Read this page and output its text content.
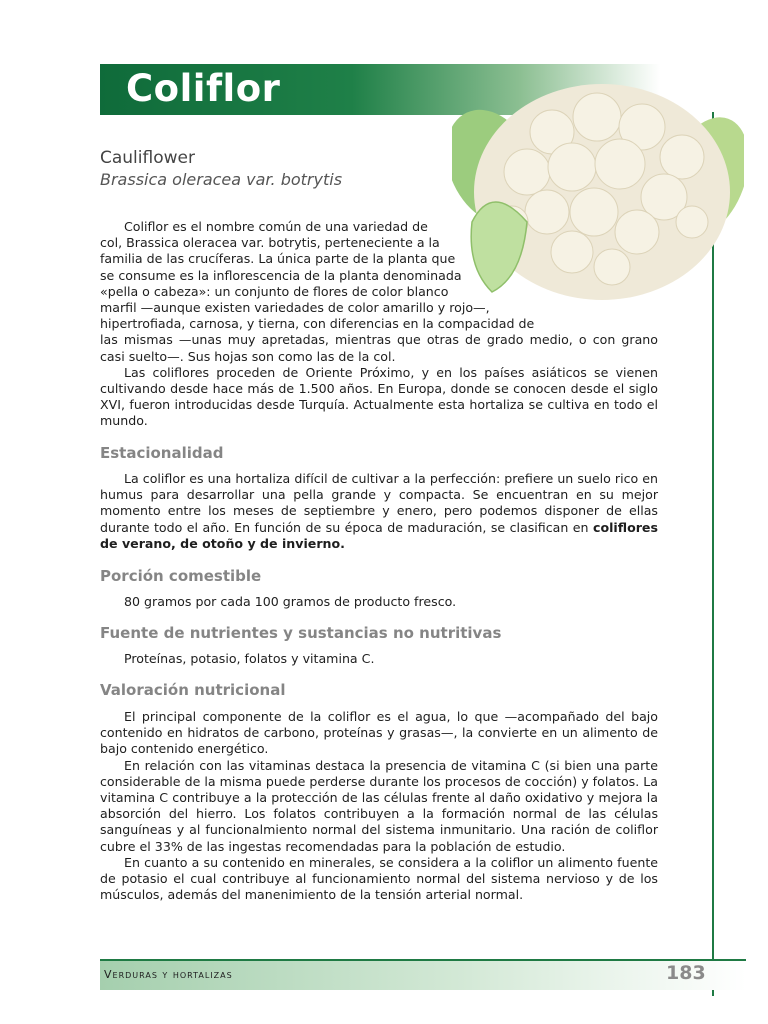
Coliflor
Cauliflower
Brassica oleracea var. botrytis
Coliflor es el nombre común de una variedad de
col, Brassica oleracea var. botrytis, perteneciente a la
familia de las crucíferas. La única parte de la planta que
se consume es la inflorescencia de la planta denominada
«pella o cabeza»: un conjunto de flores de color blanco
marfil —aunque existen variedades de color amarillo y rojo—,
hipertrofiada, carnosa, y tierna, con diferencias en la compacidad de

las mismas —unas muy apretadas, mientras que otras de grado medio, o con grano casi suelto—. Sus hojas son como las de la col.

Las coliflores proceden de Oriente Próximo, y en los países asiáticos se vienen cultivando desde hace más de 1.500 años. En Europa, donde se conocen desde el siglo XVI, fueron introducidas desde Turquía. Actualmente esta hortaliza se cultiva en todo el mundo.

Estacionalidad

La coliflor es una hortaliza difícil de cultivar a la perfección: prefiere un suelo rico en humus para desarrollar una pella grande y compacta. Se encuentran en su mejor momento entre los meses de septiembre y enero, pero podemos disponer de ellas durante todo el año. En función de su época de maduración, se clasifican en coliflores de verano, de otoño y de invierno.

Porción comestible

80 gramos por cada 100 gramos de producto fresco.

Fuente de nutrientes y sustancias no nutritivas

Proteínas, potasio, folatos y vitamina C.

Valoración nutricional

El principal componente de la coliflor es el agua, lo que —acompañado del bajo contenido en hidratos de carbono, proteínas y grasas—, la convierte en un alimento de bajo contenido energético.

En relación con las vitaminas destaca la presencia de vitamina C (si bien una parte considerable de la misma puede perderse durante los procesos de cocción) y folatos. La vitamina C contribuye a la protección de las células frente al daño oxidativo y mejora la absorción del hierro. Los folatos contribuyen a la formación normal de las células sanguíneas y al funcionalmiento normal del sistema inmunitario. Una ración de coliflor cubre el 33% de las ingestas recomendadas para la población de estudio.

En cuanto a su contenido en minerales, se considera a la coliflor un alimento fuente de potasio el cual contribuye al funcionamiento normal del sistema nervioso y de los músculos, además del manenimiento de la tensión arterial normal.

Verduras y hortalizas	183
